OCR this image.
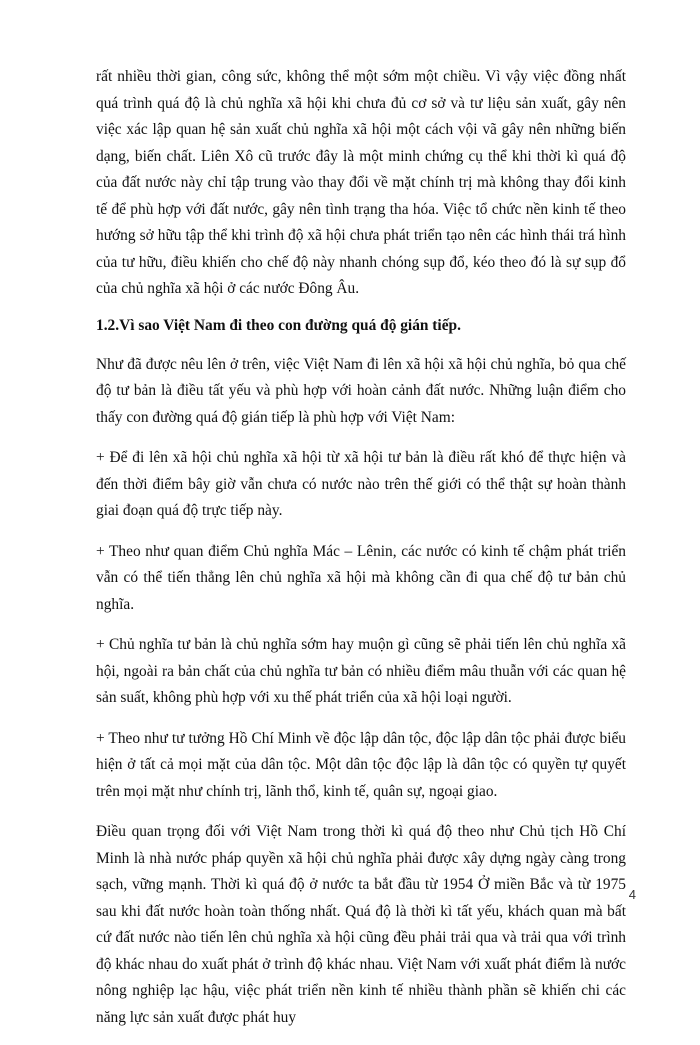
rất nhiều thời gian, công sức, không thể một sớm một chiều. Vì vậy việc đồng nhất quá trình quá độ là chủ nghĩa xã hội khi chưa đủ cơ sở và tư liệu sản xuất, gây nên việc xác lập quan hệ sản xuất chủ nghĩa xã hội một cách vội vã gây nên những biến dạng, biến chất. Liên Xô cũ trước đây là một minh chứng cụ thể khi thời kì quá độ của đất nước này chỉ tập trung vào thay đổi về mặt chính trị mà không thay đổi kinh tế để phù hợp với đất nước, gây nên tình trạng tha hóa. Việc tổ chức nền kinh tế theo hướng sở hữu tập thể khi trình độ xã hội chưa phát triển tạo nên các hình thái trá hình của tư hữu, điều khiến cho chế độ này nhanh chóng sụp đổ, kéo theo đó là sự sụp đổ của chủ nghĩa xã hội ở các nước Đông Âu.

1.2.Vì sao Việt Nam đi theo con đường quá độ gián tiếp.

Như đã được nêu lên ở trên, việc Việt Nam đi lên xã hội xã hội chủ nghĩa, bỏ qua chế độ tư bản là điều tất yếu và phù hợp với hoàn cảnh đất nước. Những luận điểm cho thấy con đường quá độ gián tiếp là phù hợp với Việt Nam:

+ Để đi lên xã hội chủ nghĩa xã hội từ xã hội tư bản là điều rất khó để thực hiện và đến thời điểm bây giờ vẫn chưa có nước nào trên thế giới có thể thật sự hoàn thành giai đoạn quá độ trực tiếp này.

+ Theo như quan điểm Chủ nghĩa Mác – Lênin, các nước có kinh tế chậm phát triển vẫn có thể tiến thẳng lên chủ nghĩa xã hội mà không cần đi qua chế độ tư bản chủ nghĩa.

+ Chủ nghĩa tư bản là chủ nghĩa sớm hay muộn gì cũng sẽ phải tiến lên chủ nghĩa xã hội, ngoài ra bản chất của chủ nghĩa tư bản có nhiều điểm mâu thuẫn với các quan hệ sản suất, không phù hợp với xu thế phát triển của xã hội loại người.

+ Theo như tư tưởng Hồ Chí Minh về độc lập dân tộc, độc lập dân tộc phải được biểu hiện ở tất cả mọi mặt của dân tộc. Một dân tộc độc lập là dân tộc có quyền tự quyết trên mọi mặt như chính trị, lãnh thổ, kinh tế, quân sự, ngoại giao.

Điều quan trọng đối với Việt Nam trong thời kì quá độ theo như Chủ tịch Hồ Chí Minh là nhà nước pháp quyền xã hội chủ nghĩa phải được xây dựng ngày càng trong sạch, vững mạnh. Thời kì quá độ ở nước ta bắt đầu từ 1954 Ở miền Bắc và từ 1975 sau khi đất nước hoàn toàn thống nhất. Quá độ là thời kì tất yếu, khách quan mà bất cứ đất nước nào tiến lên chủ nghĩa xà hội cũng đều phải trải qua và trải qua với trình độ khác nhau do xuất phát ở trình độ khác nhau. Việt Nam với xuất phát điểm là nước nông nghiệp lạc hậu, việc phát triển nền kinh tế nhiều thành phần sẽ khiến chi các năng lực sản xuất được phát huy

4
